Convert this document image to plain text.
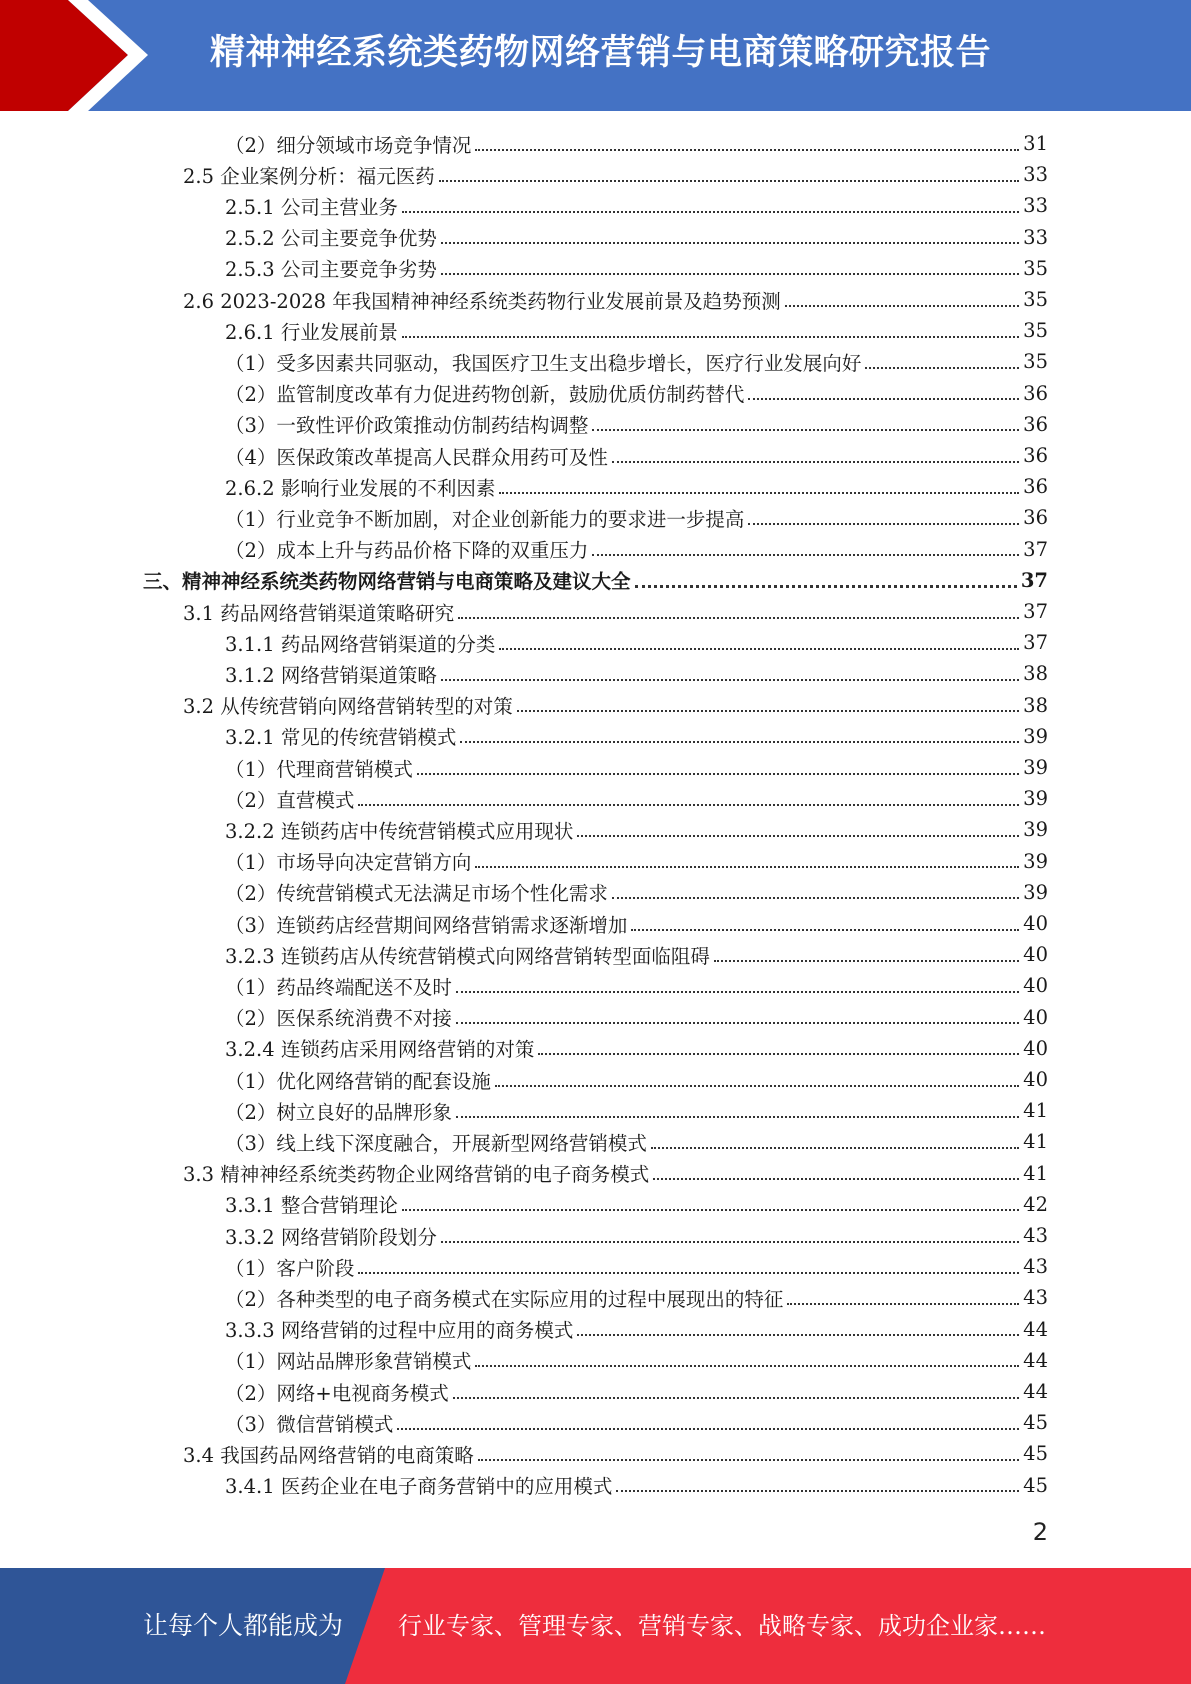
精神神经系统类药物网络营销与电商策略研究报告
（2）细分领域市场竞争情况	31
2.5 企业案例分析：福元医药	33
2.5.1 公司主营业务	33
2.5.2 公司主要竞争优势	33
2.5.3 公司主要竞争劣势	35
2.6 2023-2028 年我国精神神经系统类药物行业发展前景及趋势预测	35
2.6.1 行业发展前景	35
（1）受多因素共同驱动，我国医疗卫生支出稳步增长，医疗行业发展向好	35
（2）监管制度改革有力促进药物创新，鼓励优质仿制药替代	36
（3）一致性评价政策推动仿制药结构调整	36
（4）医保政策改革提高人民群众用药可及性	36
2.6.2 影响行业发展的不利因素	36
（1）行业竞争不断加剧，对企业创新能力的要求进一步提高	36
（2）成本上升与药品价格下降的双重压力	37
三、精神神经系统类药物网络营销与电商策略及建议大全	37
3.1 药品网络营销渠道策略研究	37
3.1.1 药品网络营销渠道的分类	37
3.1.2 网络营销渠道策略	38
3.2 从传统营销向网络营销转型的对策	38
3.2.1 常见的传统营销模式	39
（1）代理商营销模式	39
（2）直营模式	39
3.2.2 连锁药店中传统营销模式应用现状	39
（1）市场导向决定营销方向	39
（2）传统营销模式无法满足市场个性化需求	39
（3）连锁药店经营期间网络营销需求逐渐增加	40
3.2.3 连锁药店从传统营销模式向网络营销转型面临阻碍	40
（1）药品终端配送不及时	40
（2）医保系统消费不对接	40
3.2.4 连锁药店采用网络营销的对策	40
（1）优化网络营销的配套设施	40
（2）树立良好的品牌形象	41
（3）线上线下深度融合，开展新型网络营销模式	41
3.3 精神神经系统类药物企业网络营销的电子商务模式	41
3.3.1 整合营销理论	42
3.3.2 网络营销阶段划分	43
（1）客户阶段	43
（2）各种类型的电子商务模式在实际应用的过程中展现出的特征	43
3.3.3 网络营销的过程中应用的商务模式	44
（1）网站品牌形象营销模式	44
（2）网络+电视商务模式	44
（3）微信营销模式	45
3.4 我国药品网络营销的电商策略	45
3.4.1 医药企业在电子商务营销中的应用模式	45
2
让每个人都能成为 行业专家、管理专家、营销专家、战略专家、成功企业家……
